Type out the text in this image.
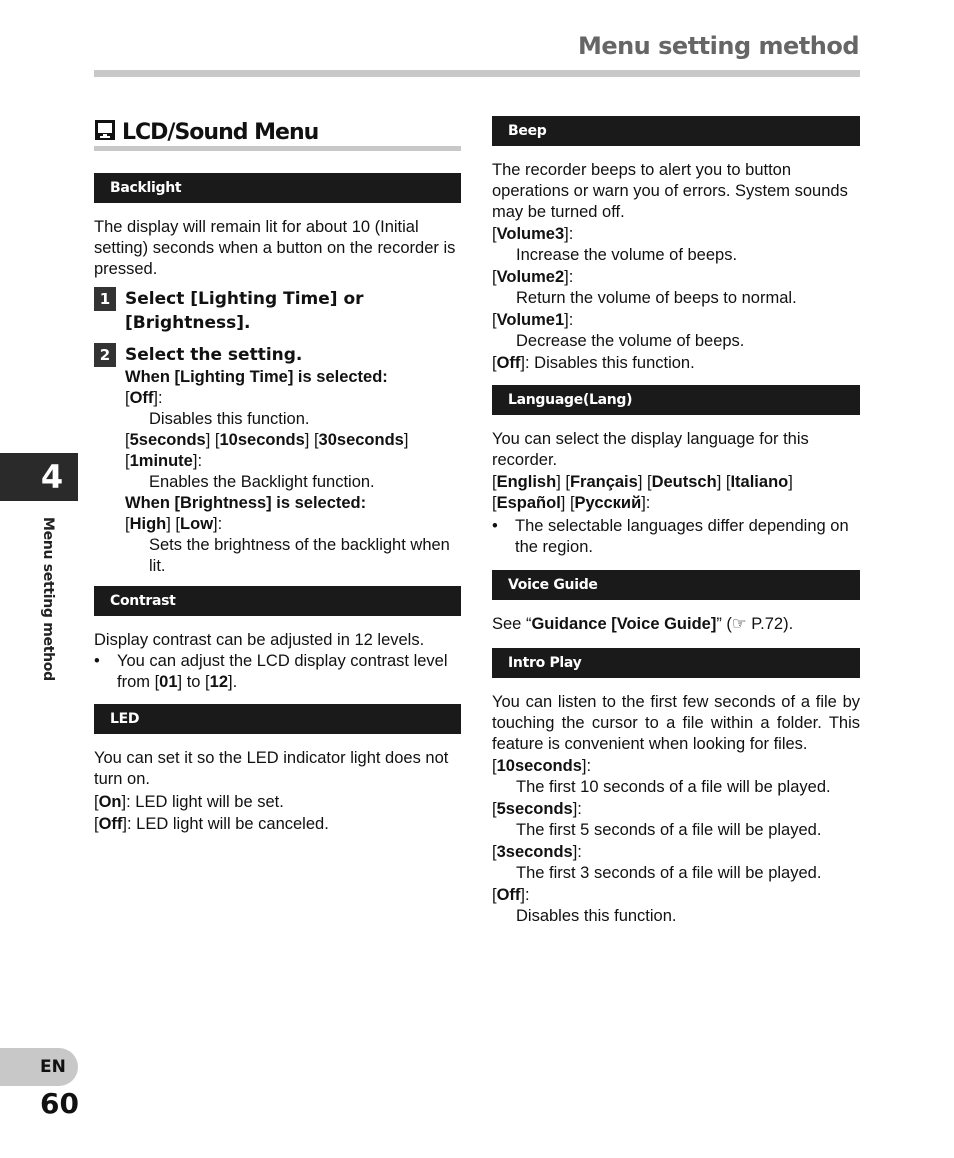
Menu setting method
LCD/Sound Menu
Backlight

The display will remain lit for about 10 (Initial setting) seconds when a button on the recorder is pressed.

1 Select [Lighting Time] or [Brightness].
2 Select the setting.

When [Lighting Time] is selected:

[Off]:

Disables this function.

[5seconds] [10seconds] [30seconds]

[1minute]:

Enables the Backlight function.

When [Brightness] is selected:

[High] [Low]:

Sets the brightness of the backlight when lit.

Contrast

Display contrast can be adjusted in 12 levels.

• You can adjust the LCD display contrast level from [01] to [12].
LED

You can set it so the LED indicator light does not turn on.

[On]: LED light will be set.

[Off]: LED light will be canceled.

Beep

The recorder beeps to alert you to button operations or warn you of errors. System sounds may be turned off.

[Volume3]:

Increase the volume of beeps.

[Volume2]:

Return the volume of beeps to normal.

[Volume1]:

Decrease the volume of beeps.

[Off]: Disables this function.

Language(Lang)

You can select the display language for this recorder.

[English] [Français] [Deutsch] [Italiano]

[Español] [Русский]:

• The selectable languages differ depending on the region.
Voice Guide

See “Guidance [Voice Guide]” (☞ P.72).

Intro Play

You can listen to the first few seconds of a file by touching the cursor to a file within a folder. This feature is convenient when looking for files.

[10seconds]:

The first 10 seconds of a file will be played.

[5seconds]:

The first 5 seconds of a file will be played.

[3seconds]:

The first 3 seconds of a file will be played.

[Off]:

Disables this function.

4
Menu setting method
EN
60
